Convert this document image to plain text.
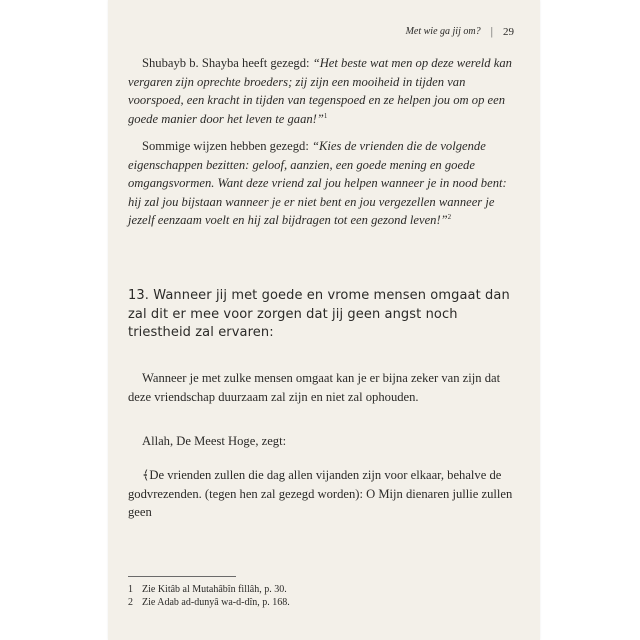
Met wie ga jij om? | 29

Shubayb b. Shayba heeft gezegd: “Het beste wat men op deze wereld kan vergaren zijn oprechte broeders; zij zijn een mooiheid in tijden van voorspoed, een kracht in tijden van tegenspoed en ze helpen jou om op een goede manier door het leven te gaan!”$^1$

Sommige wijzen hebben gezegd: “Kies de vrienden die de volgende eigenschappen bezitten: geloof, aanzien, een goede mening en goede omgangsvormen. Want deze vriend zal jou helpen wanneer je in nood bent: hij zal jou bijstaan wanneer je er niet bent en jou vergezellen wanneer je jezelf eenzaam voelt en hij zal bijdragen tot een gezond leven!”$^2$

13. Wanneer jij met goede en vrome mensen omgaat dan zal dit er mee voor zorgen dat jij geen angst noch triestheid zal ervaren:

Wanneer je met zulke mensen omgaat kan je er bijna zeker van zijn dat deze vriendschap duurzaam zal zijn en niet zal ophouden.

Allah, De Meest Hoge, zegt:

﴾De vrienden zullen die dag allen vijanden zijn voor elkaar, behalve de godvrezenden. (tegen hen zal gezegd worden): O Mijn dienaren jullie zullen geen

1 Zie Kitâb al Mutahâbîn fillâh, p. 30.
2 Zie Adab ad-dunyâ wa-d-dîn, p. 168.
